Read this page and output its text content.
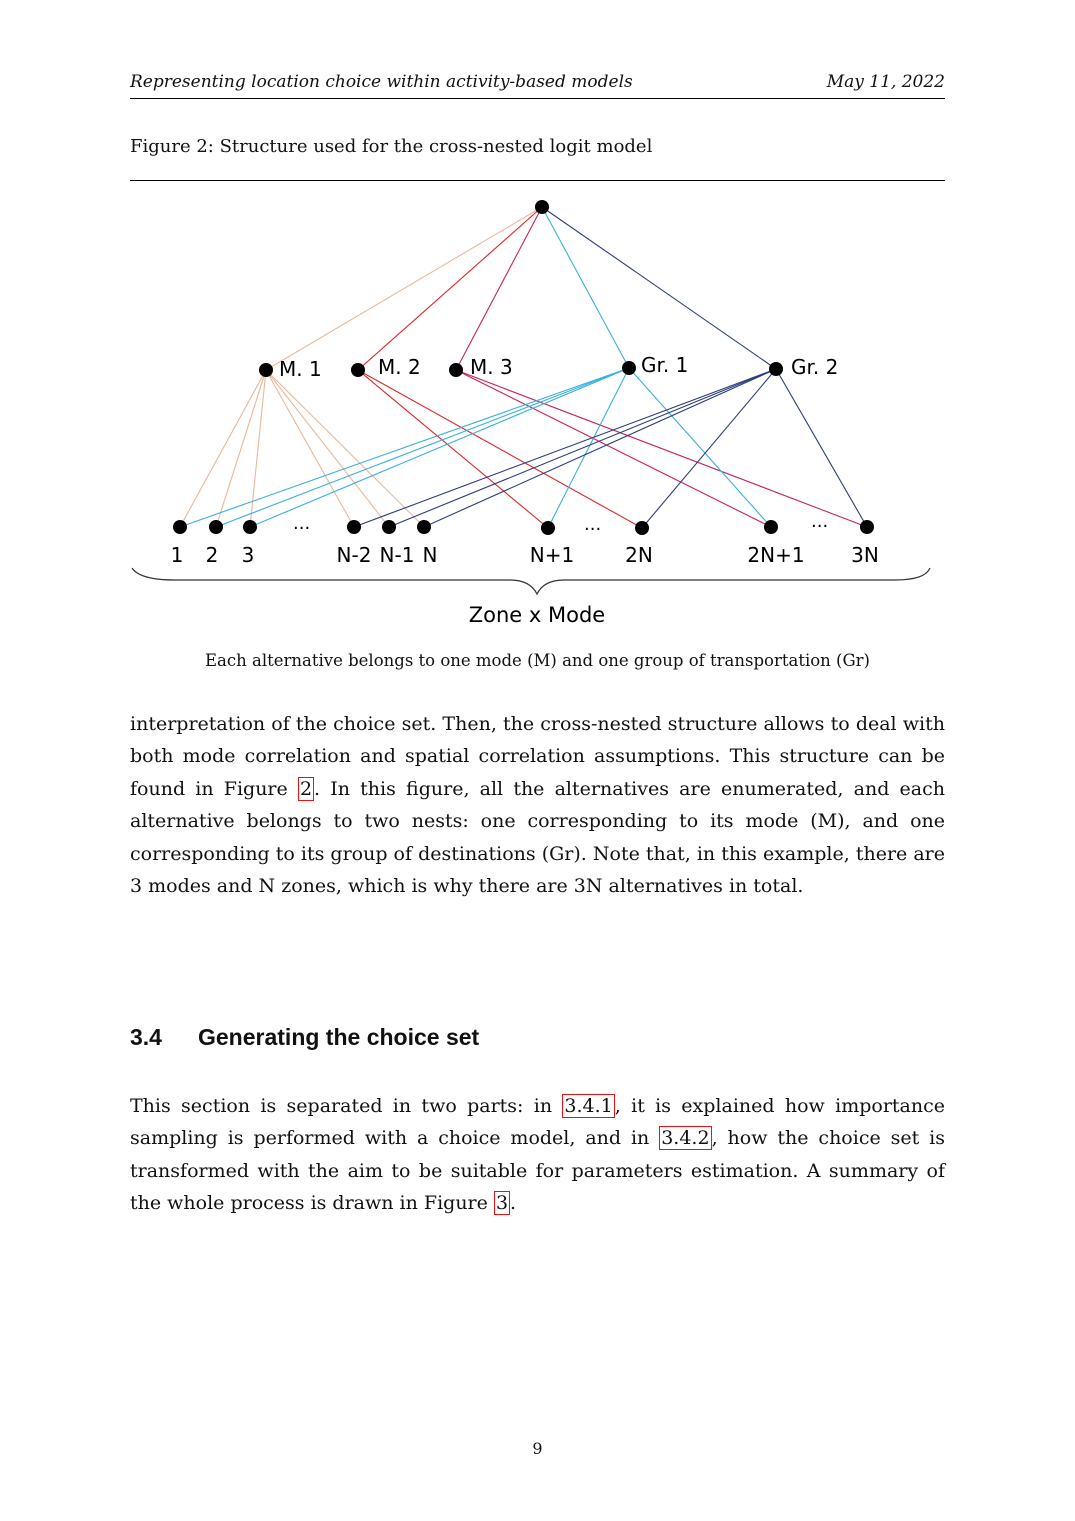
Representing location choice within activity-based models	May 11, 2022
Figure 2: Structure used for the cross-nested logit model
M. 1	M. 2 M. 3	Gr. 1	Gr. 2
...	...	...
1 2 3	N-2 N-1 N	N+1	2N	2N+1 3N
Zone x Mode
Each alternative belongs to one mode (M) and one group of transportation (Gr)

interpretation of the choice set. Then, the cross-nested structure allows to deal with both mode correlation and spatial correlation assumptions. This structure can be found in Figure 2 . In this figure, all the alternatives are enumerated, and each alternative belongs to two nests: one corresponding to its mode (M), and one corresponding to its group of destinations (Gr). Note that, in this example, there are 3 modes and N zones, which is why there are 3N alternatives in total.

3.4 Generating the choice set

This section is separated in two parts: in 3.4.1 , it is explained how importance sampling is performed with a choice model, and in 3.4.2 , how the choice set is transformed with the aim to be suitable for parameters estimation. A summary of the whole process is drawn in Figure 3 .

9
